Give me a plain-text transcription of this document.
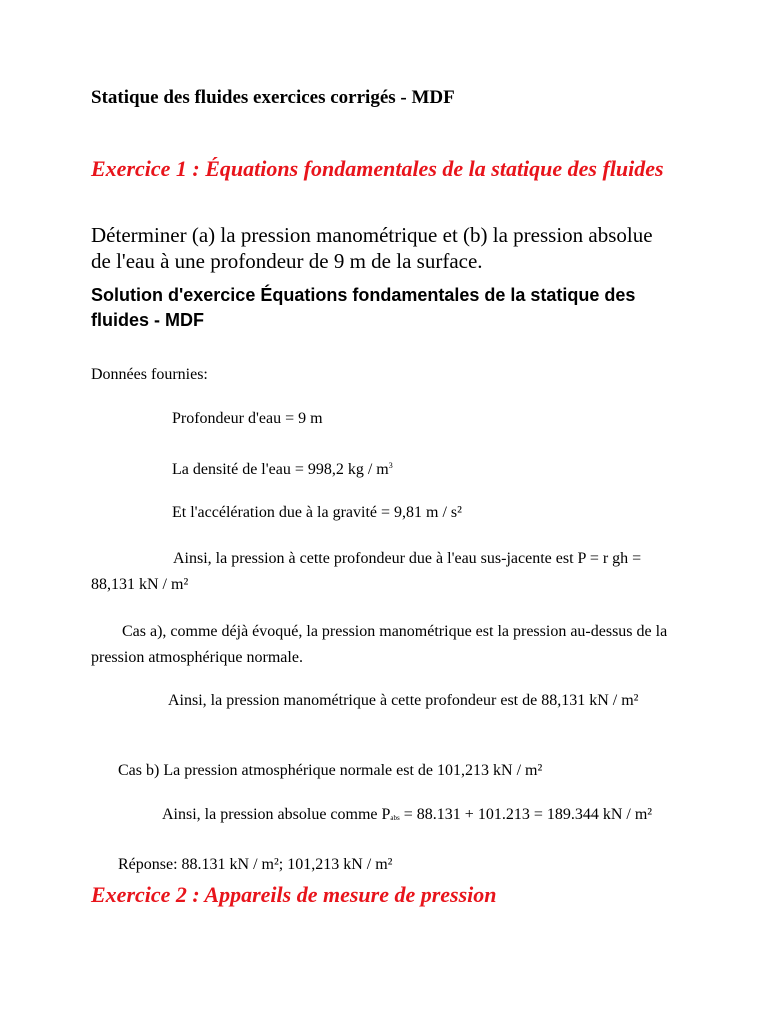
Statique des fluides exercices corrigés - MDF

Exercice 1 : Équations fondamentales de la statique des fluides

Déterminer (a) la pression manométrique et (b) la pression absolue de l'eau à une profondeur de 9 m de la surface.

Solution d'exercice Équations fondamentales de la statique des fluides - MDF

Données fournies:

Profondeur d'eau = 9 m

La densité de l'eau = 998,2 kg / $m^3$

Et l'accélération due à la gravité = 9,81 m / s²

Ainsi, la pression à cette profondeur due à l'eau sus-jacente est P = r gh = 88,131 kN / m²

Cas a), comme déjà évoqué, la pression manométrique est la pression au-dessus de la pression atmosphérique normale.

Ainsi, la pression manométrique à cette profondeur est de 88,131 kN / m²

Cas b) La pression atmosphérique normale est de 101,213 kN / m²

Ainsi, la pression absolue comme $P_{abs} = 88.131 + 101.213 = 189.344$ kN / m²

Réponse: 88.131 kN / m²; 101,213 kN / m²

Exercice 2 : Appareils de mesure de pression
